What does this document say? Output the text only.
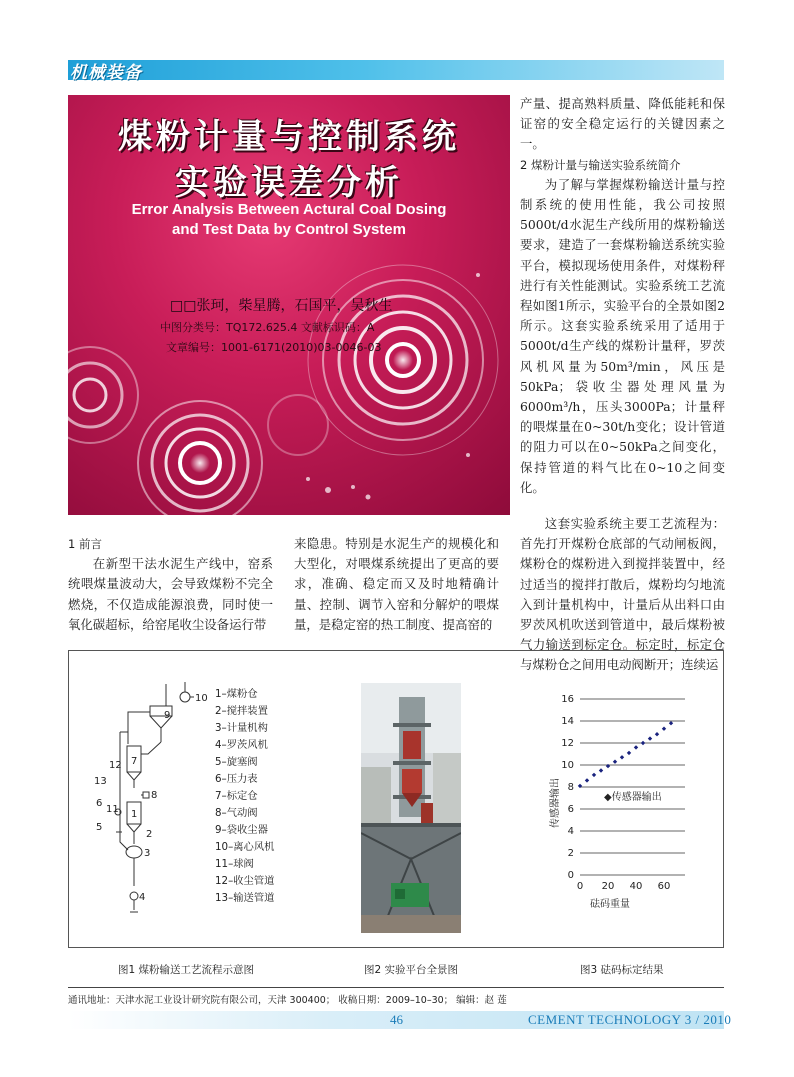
机械装备
煤粉计量与控制系统
实验误差分析
Error Analysis Between Actural Coal Dosing
and Test Data by Control System
□□张珂，柴星腾，石国平，吴秋生
中图分类号：TQ172.625.4 文献标识码：A
文章编号：1001-6171(2010)03-0046-03

产量、提高熟料质量、降低能耗和保证窑的安全稳定运行的关键因素之一。

2 煤粉计量与输送实验系统简介

为了解与掌握煤粉输送计量与控制系统的使用性能，我公司按照5000t/d水泥生产线所用的煤粉输送要求，建造了一套煤粉输送系统实验平台，模拟现场使用条件，对煤粉秤进行有关性能测试。实验系统工艺流程如图1所示，实验平台的全景如图2所示。这套实验系统采用了适用于5000t/d生产线的煤粉计量秤，罗茨风机风量为50m³/min，风压是50kPa；袋收尘器处理风量为6000m³/h，压头3000Pa；计量秤的喂煤量在0~30t/h变化；设计管道的阻力可以在0~50kPa之间变化，保持管道的料气比在0~10之间变化。

1 前言

在新型干法水泥生产线中，窑系统喂煤量波动大，会导致煤粉不完全燃烧，不仅造成能源浪费，同时使一氧化碳超标，给窑尾收尘设备运行带

来隐患。特别是水泥生产的规模化和大型化，对喂煤系统提出了更高的要求，准确、稳定而又及时地精确计量、控制、调节入窑和分解炉的喂煤量，是稳定窑的热工制度、提高窑的

这套实验系统主要工艺流程为：首先打开煤粉仓底部的气动闸板阀，煤粉仓的煤粉进入到搅拌装置中，经过适当的搅拌打散后，煤粉均匀地流入到计量机构中，计量后从出料口由罗茨风机吹送到管道中，最后煤粉被气力输送到标定仓。标定时，标定仓与煤粉仓之间用电动阀断开；连续运

10
9
12
13
6
11
5
7
8
1
2
3
4
1–煤粉仓
2–搅拌装置
3–计量机构
4–罗茨风机
5–旋塞阀
6–压力表
7–标定仓
8–气动阀
9–袋收尘器
10–离心风机
11–球阀
12–收尘管道
13–输送管道
0
2
4
6
8
10
12
14
16
0 20 40 60
传感器输出
砝码重量
◆传感器输出
图1 煤粉输送工艺流程示意图	图2 实验平台全景图	图3 砝码标定结果
通讯地址：天津水泥工业设计研究院有限公司，天津 300400； 收稿日期：2009–10–30； 编辑：赵 莲
46	CEMENT TECHNOLOGY 3 / 2010
